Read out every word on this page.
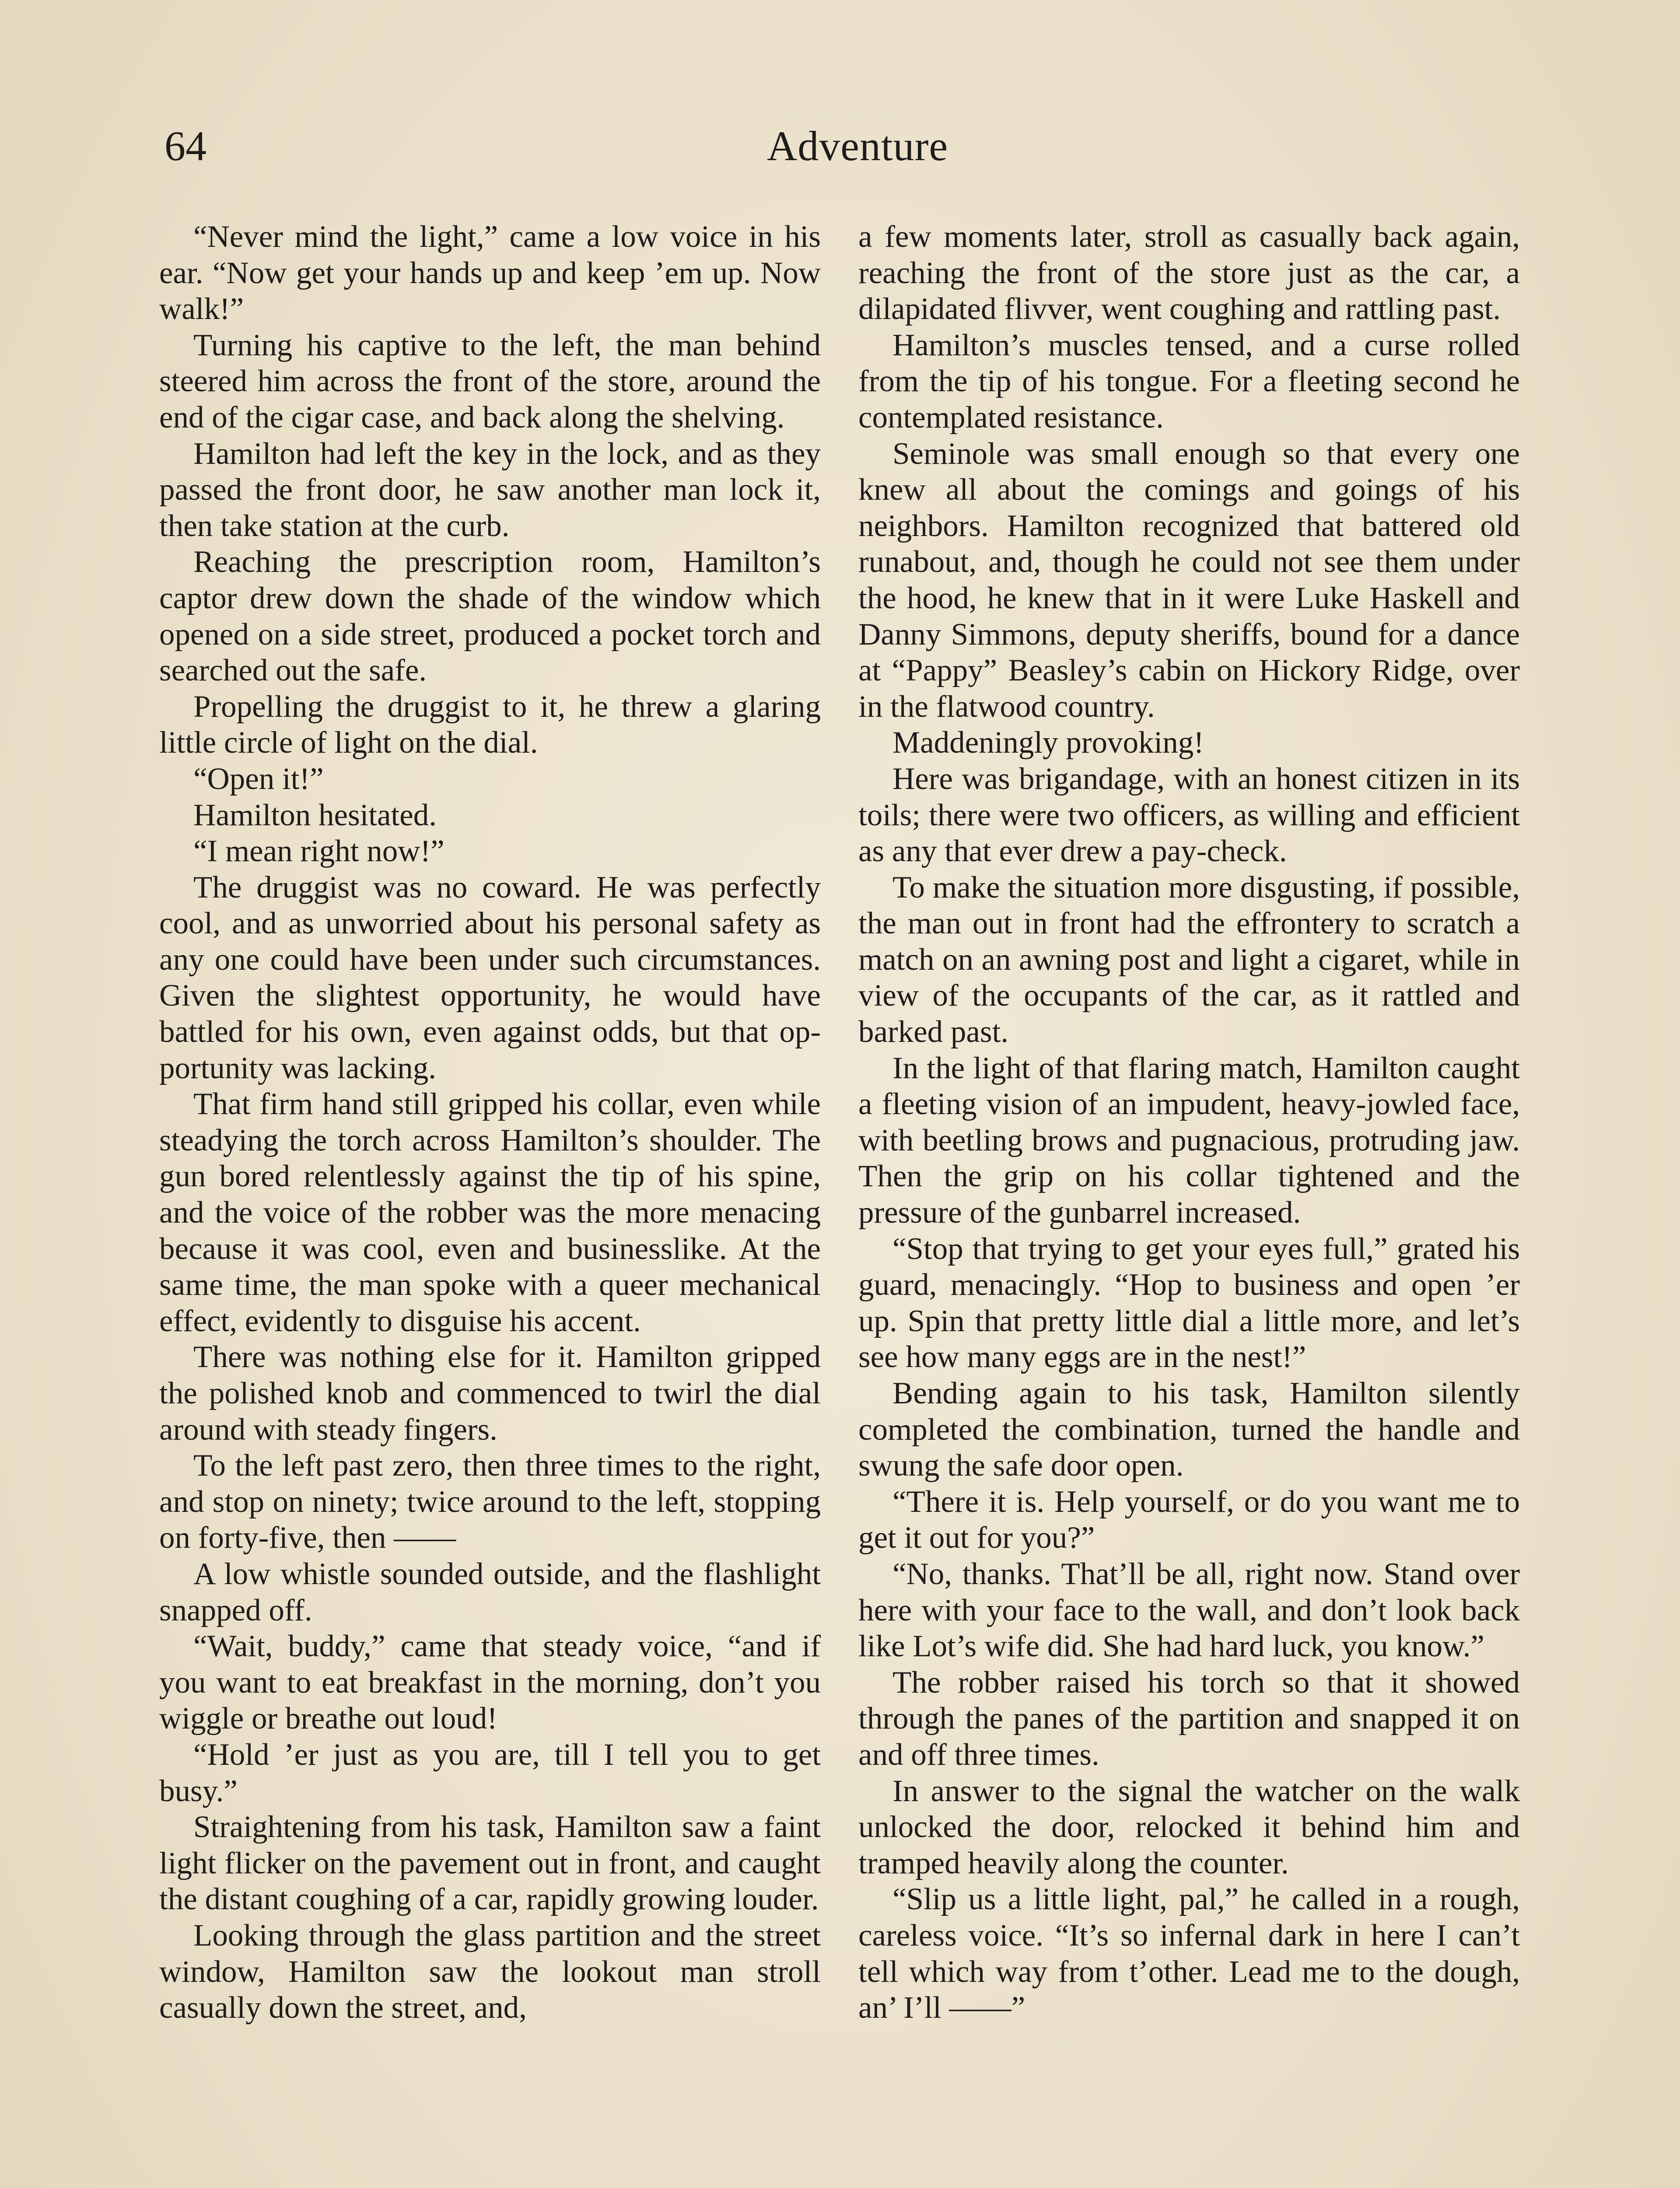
64	Adventure

“Never mind the light,” came a low voice in his ear. “Now get your hands up and keep ’em up. Now walk!”

Turning his captive to the left, the man behind steered him across the front of the store, around the end of the cigar case, and back along the shelving.

Hamilton had left the key in the lock, and as they passed the front door, he saw another man lock it, then take station at the curb.

Reaching the prescription room, Hamilton’s captor drew down the shade of the window which opened on a side street, produced a pocket torch and searched out the safe.

Propelling the druggist to it, he threw a glaring little circle of light on the dial.

“Open it!”

Hamilton hesitated.

“I mean right now!”

The druggist was no coward. He was perfectly cool, and as unworried about his personal safety as any one could have been under such circumstances. Given the slightest opportunity, he would have battled for his own, even against odds, but that opportunity was lacking.

That firm hand still gripped his collar, even while steadying the torch across Hamilton’s shoulder. The gun bored relentlessly against the tip of his spine, and the voice of the robber was the more menacing because it was cool, even and businesslike. At the same time, the man spoke with a queer mechanical effect, evidently to disguise his accent.

There was nothing else for it. Hamilton gripped the polished knob and commenced to twirl the dial around with steady fingers.

To the left past zero, then three times to the right, and stop on ninety; twice around to the left, stopping on forty-five, then ——

A low whistle sounded outside, and the flashlight snapped off.

“Wait, buddy,” came that steady voice, “and if you want to eat breakfast in the morning, don’t you wiggle or breathe out loud!

“Hold ’er just as you are, till I tell you to get busy.”

Straightening from his task, Hamilton saw a faint light flicker on the pavement out in front, and caught the distant coughing of a car, rapidly growing louder.

Looking through the glass partition and the street window, Hamilton saw the lookout man stroll casually down the street, and,

a few moments later, stroll as casually back again, reaching the front of the store just as the car, a dilapidated flivver, went coughing and rattling past.

Hamilton’s muscles tensed, and a curse rolled from the tip of his tongue. For a fleeting second he contemplated resistance.

Seminole was small enough so that every one knew all about the comings and goings of his neighbors. Hamilton recognized that battered old runabout, and, though he could not see them under the hood, he knew that in it were Luke Haskell and Danny Simmons, deputy sheriffs, bound for a dance at “Pappy” Beasley’s cabin on Hickory Ridge, over in the flatwood country.

Maddeningly provoking!

Here was brigandage, with an honest citizen in its toils; there were two officers, as willing and efficient as any that ever drew a pay-check.

To make the situation more disgusting, if possible, the man out in front had the effrontery to scratch a match on an awning post and light a cigaret, while in view of the occupants of the car, as it rattled and barked past.

In the light of that flaring match, Hamilton caught a fleeting vision of an impudent, heavy-jowled face, with beetling brows and pugnacious, protruding jaw. Then the grip on his collar tightened and the pressure of the gunbarrel increased.

“Stop that trying to get your eyes full,” grated his guard, menacingly. “Hop to business and open ’er up. Spin that pretty little dial a little more, and let’s see how many eggs are in the nest!”

Bending again to his task, Hamilton silently completed the combination, turned the handle and swung the safe door open.

“There it is. Help yourself, or do you want me to get it out for you?”

“No, thanks. That’ll be all, right now. Stand over here with your face to the wall, and don’t look back like Lot’s wife did. She had hard luck, you know.”

The robber raised his torch so that it showed through the panes of the partition and snapped it on and off three times.

In answer to the signal the watcher on the walk unlocked the door, relocked it behind him and tramped heavily along the counter.

“Slip us a little light, pal,” he called in a rough, careless voice. “It’s so infernal dark in here I can’t tell which way from t’other. Lead me to the dough, an’ I’ll ——”
